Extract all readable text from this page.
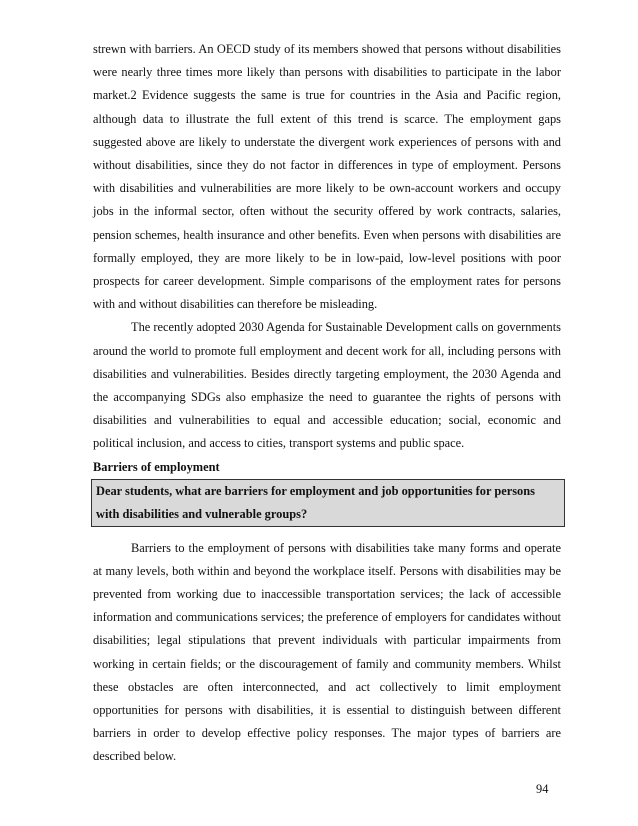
strewn with barriers. An OECD study of its members showed that persons without disabilities were nearly three times more likely than persons with disabilities to participate in the labor market.2 Evidence suggests the same is true for countries in the Asia and Pacific region, although data to illustrate the full extent of this trend is scarce. The employment gaps suggested above are likely to understate the divergent work experiences of persons with and without disabilities, since they do not factor in differences in type of employment. Persons with disabilities and vulnerabilities are more likely to be own-account workers and occupy jobs in the informal sector, often without the security offered by work contracts, salaries, pension schemes, health insurance and other benefits. Even when persons with disabilities are formally employed, they are more likely to be in low-paid, low-level positions with poor prospects for career development. Simple comparisons of the employment rates for persons with and without disabilities can therefore be misleading.

The recently adopted 2030 Agenda for Sustainable Development calls on governments around the world to promote full employment and decent work for all, including persons with disabilities and vulnerabilities. Besides directly targeting employment, the 2030 Agenda and the accompanying SDGs also emphasize the need to guarantee the rights of persons with disabilities and vulnerabilities to equal and accessible education; social, economic and political inclusion, and access to cities, transport systems and public space.

Barriers of employment

Dear students, what are barriers for employment and job opportunities for persons with disabilities and vulnerable groups?

Barriers to the employment of persons with disabilities take many forms and operate at many levels, both within and beyond the workplace itself. Persons with disabilities may be prevented from working due to inaccessible transportation services; the lack of accessible information and communications services; the preference of employers for candidates without disabilities; legal stipulations that prevent individuals with particular impairments from working in certain fields; or the discouragement of family and community members. Whilst these obstacles are often interconnected, and act collectively to limit employment opportunities for persons with disabilities, it is essential to distinguish between different barriers in order to develop effective policy responses. The major types of barriers are described below.

94
